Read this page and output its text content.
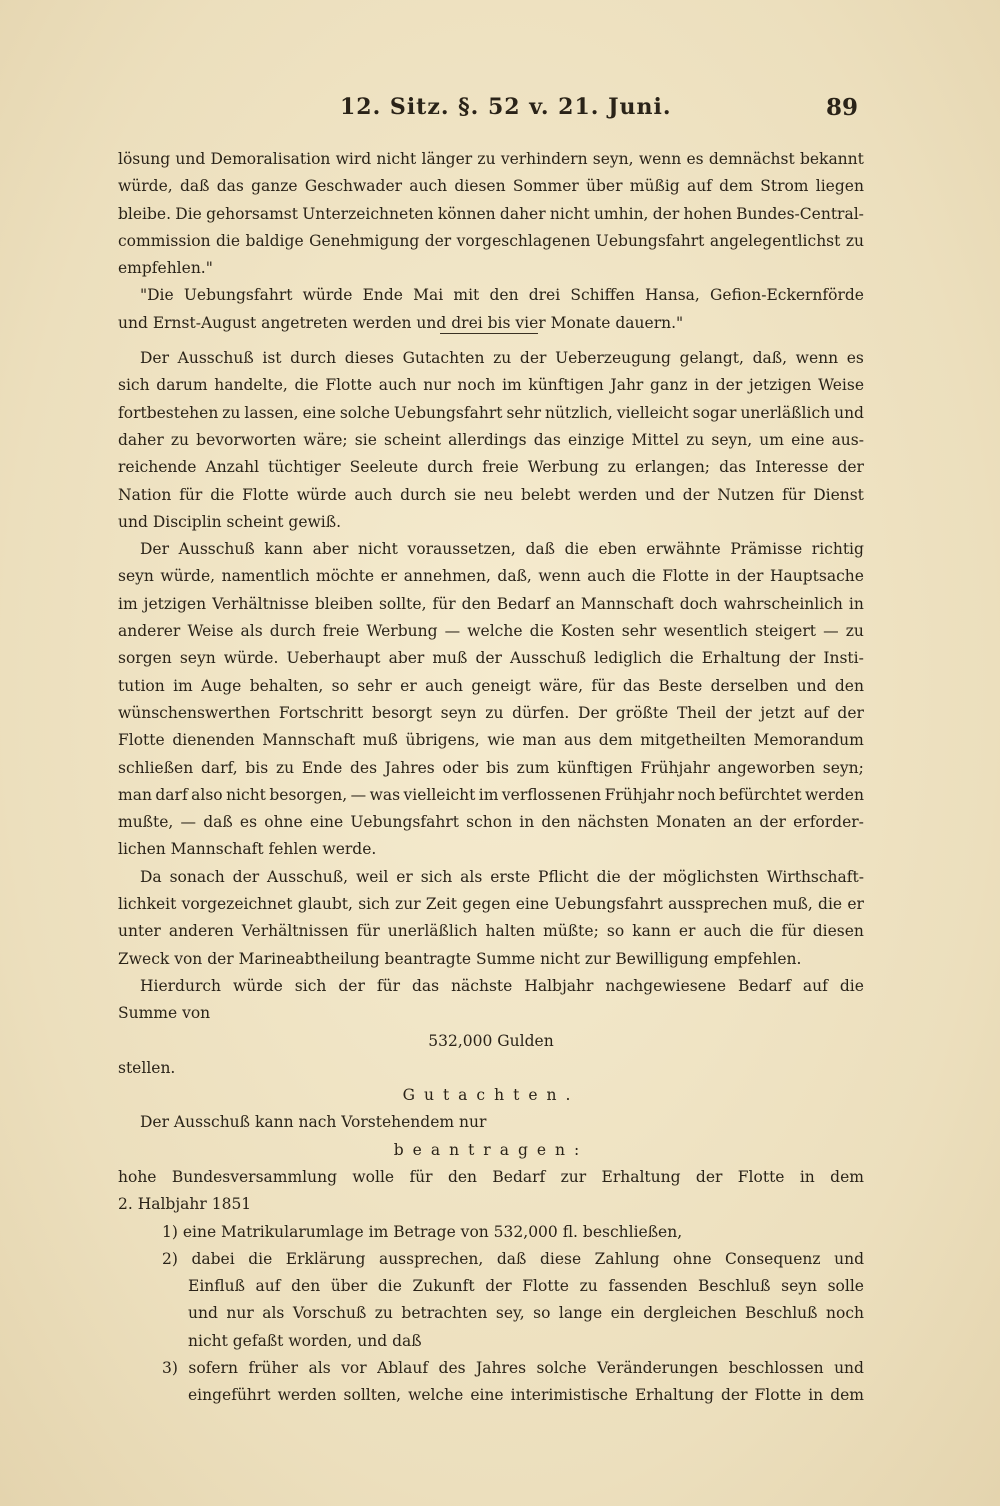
12. Sitz. §. 52 v. 21. Juni.	89
lösung und Demoralisation wird nicht länger zu verhindern seyn, wenn es demnächst bekannt
würde, daß das ganze Geschwader auch diesen Sommer über müßig auf dem Strom liegen
bleibe. Die gehorsamst Unterzeichneten können daher nicht umhin, der hohen Bundes-Central-
commission die baldige Genehmigung der vorgeschlagenen Uebungsfahrt angelegentlichst zu
empfehlen."
"Die Uebungsfahrt würde Ende Mai mit den drei Schiffen Hansa, Gefion-Eckernförde
und Ernst-August angetreten werden und drei bis vier Monate dauern."
Der Ausschuß ist durch dieses Gutachten zu der Ueberzeugung gelangt, daß, wenn es
sich darum handelte, die Flotte auch nur noch im künftigen Jahr ganz in der jetzigen Weise
fortbestehen zu lassen, eine solche Uebungsfahrt sehr nützlich, vielleicht sogar unerläßlich und
daher zu bevorworten wäre; sie scheint allerdings das einzige Mittel zu seyn, um eine aus-
reichende Anzahl tüchtiger Seeleute durch freie Werbung zu erlangen; das Interesse der
Nation für die Flotte würde auch durch sie neu belebt werden und der Nutzen für Dienst
und Disciplin scheint gewiß.
Der Ausschuß kann aber nicht voraussetzen, daß die eben erwähnte Prämisse richtig
seyn würde, namentlich möchte er annehmen, daß, wenn auch die Flotte in der Hauptsache
im jetzigen Verhältnisse bleiben sollte, für den Bedarf an Mannschaft doch wahrscheinlich in
anderer Weise als durch freie Werbung — welche die Kosten sehr wesentlich steigert — zu
sorgen seyn würde. Ueberhaupt aber muß der Ausschuß lediglich die Erhaltung der Insti-
tution im Auge behalten, so sehr er auch geneigt wäre, für das Beste derselben und den
wünschenswerthen Fortschritt besorgt seyn zu dürfen. Der größte Theil der jetzt auf der
Flotte dienenden Mannschaft muß übrigens, wie man aus dem mitgetheilten Memorandum
schließen darf, bis zu Ende des Jahres oder bis zum künftigen Frühjahr angeworben seyn;
man darf also nicht besorgen, — was vielleicht im verflossenen Frühjahr noch befürchtet werden
mußte, — daß es ohne eine Uebungsfahrt schon in den nächsten Monaten an der erforder-
lichen Mannschaft fehlen werde.
Da sonach der Ausschuß, weil er sich als erste Pflicht die der möglichsten Wirthschaft-
lichkeit vorgezeichnet glaubt, sich zur Zeit gegen eine Uebungsfahrt aussprechen muß, die er
unter anderen Verhältnissen für unerläßlich halten müßte; so kann er auch die für diesen
Zweck von der Marineabtheilung beantragte Summe nicht zur Bewilligung empfehlen.
Hierdurch würde sich der für das nächste Halbjahr nachgewiesene Bedarf auf die
Summe von
532,000 Gulden
stellen.
Gutachten.
Der Ausschuß kann nach Vorstehendem nur
beantragen:
hohe Bundesversammlung wolle für den Bedarf zur Erhaltung der Flotte in dem
2. Halbjahr 1851
1) eine Matrikularumlage im Betrage von 532,000 fl. beschließen,
2) dabei die Erklärung aussprechen, daß diese Zahlung ohne Consequenz und
Einfluß auf den über die Zukunft der Flotte zu fassenden Beschluß seyn solle
und nur als Vorschuß zu betrachten sey, so lange ein dergleichen Beschluß noch
nicht gefaßt worden, und daß
3) sofern früher als vor Ablauf des Jahres solche Veränderungen beschlossen und
eingeführt werden sollten, welche eine interimistische Erhaltung der Flotte in dem
